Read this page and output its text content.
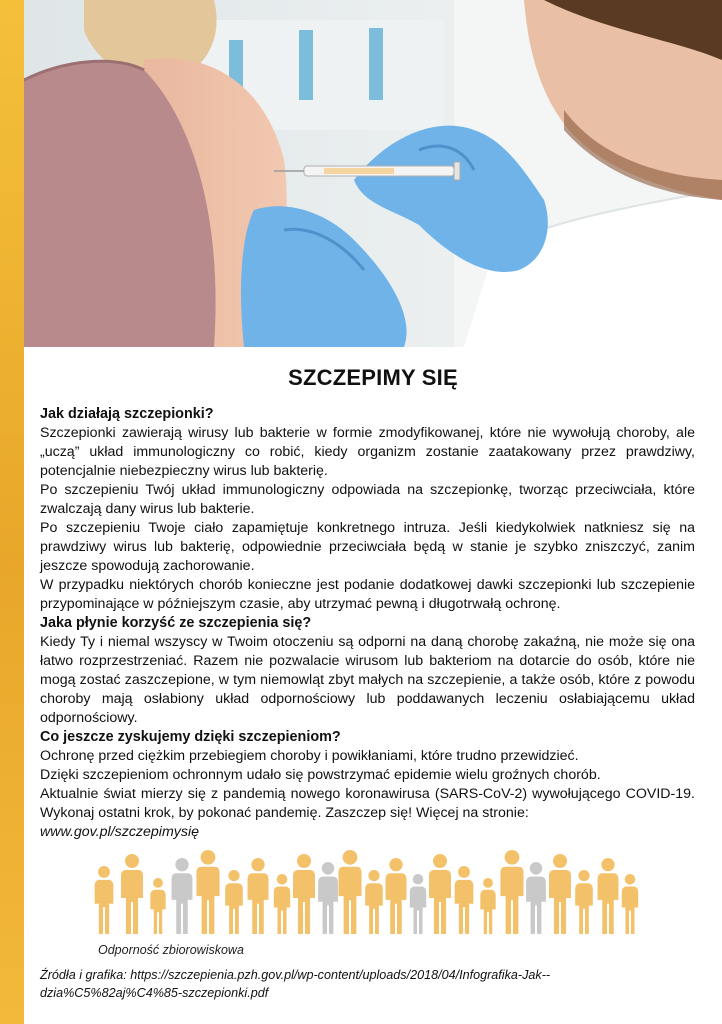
SZCZEPIMY SIĘ
Jak działają szczepionki?

Szczepionki zawierają wirusy lub bakterie w formie zmodyfikowanej, które nie wywołują choroby, ale „uczą” układ immunologiczny co robić, kiedy organizm zostanie zaatakowany przez prawdziwy, potencjalnie niebezpieczny wirus lub bakterię.

Po szczepieniu Twój układ immunologiczny odpowiada na szczepionkę, tworząc przeciwciała, które zwalczają dany wirus lub bakterie.

Po szczepieniu Twoje ciało zapamiętuje konkretnego intruza. Jeśli kiedykolwiek natkniesz się na prawdziwy wirus lub bakterię, odpowiednie przeciwciała będą w stanie je szybko zniszczyć, zanim jeszcze spowodują zachorowanie.

W przypadku niektórych chorób konieczne jest podanie dodatkowej dawki szczepionki lub szczepienie przypominające w późniejszym czasie, aby utrzymać pewną i długotrwałą ochronę.

Jaka płynie korzyść ze szczepienia się?

Kiedy Ty i niemal wszyscy w Twoim otoczeniu są odporni na daną chorobę zakaźną, nie może się ona łatwo rozprzestrzeniać. Razem nie pozwalacie wirusom lub bakteriom na dotarcie do osób, które nie mogą zostać zaszczepione, w tym niemowląt zbyt małych na szczepienie, a także osób, które z powodu choroby mają osłabiony układ odpornościowy lub poddawanych leczeniu osłabiającemu układ odpornościowy.

Co jeszcze zyskujemy dzięki szczepieniom?

Ochronę przed ciężkim przebiegiem choroby i powikłaniami, które trudno przewidzieć.

Dzięki szczepieniom ochronnym udało się powstrzymać epidemie wielu groźnych chorób.

Aktualnie świat mierzy się z pandemią nowego koronawirusa (SARS-CoV-2) wywołującego COVID-19. Wykonaj ostatni krok, by pokonać pandemię. Zaszczep się! Więcej na stronie:

www.gov.pl/szczepimysię

Odporność zbiorowiskowa
Źródła i grafika: https://szczepienia.pzh.gov.pl/wp-content/uploads/2018/04/Infografika-Jak--dzia%C5%82aj%C4%85-szczepionki.pdf
